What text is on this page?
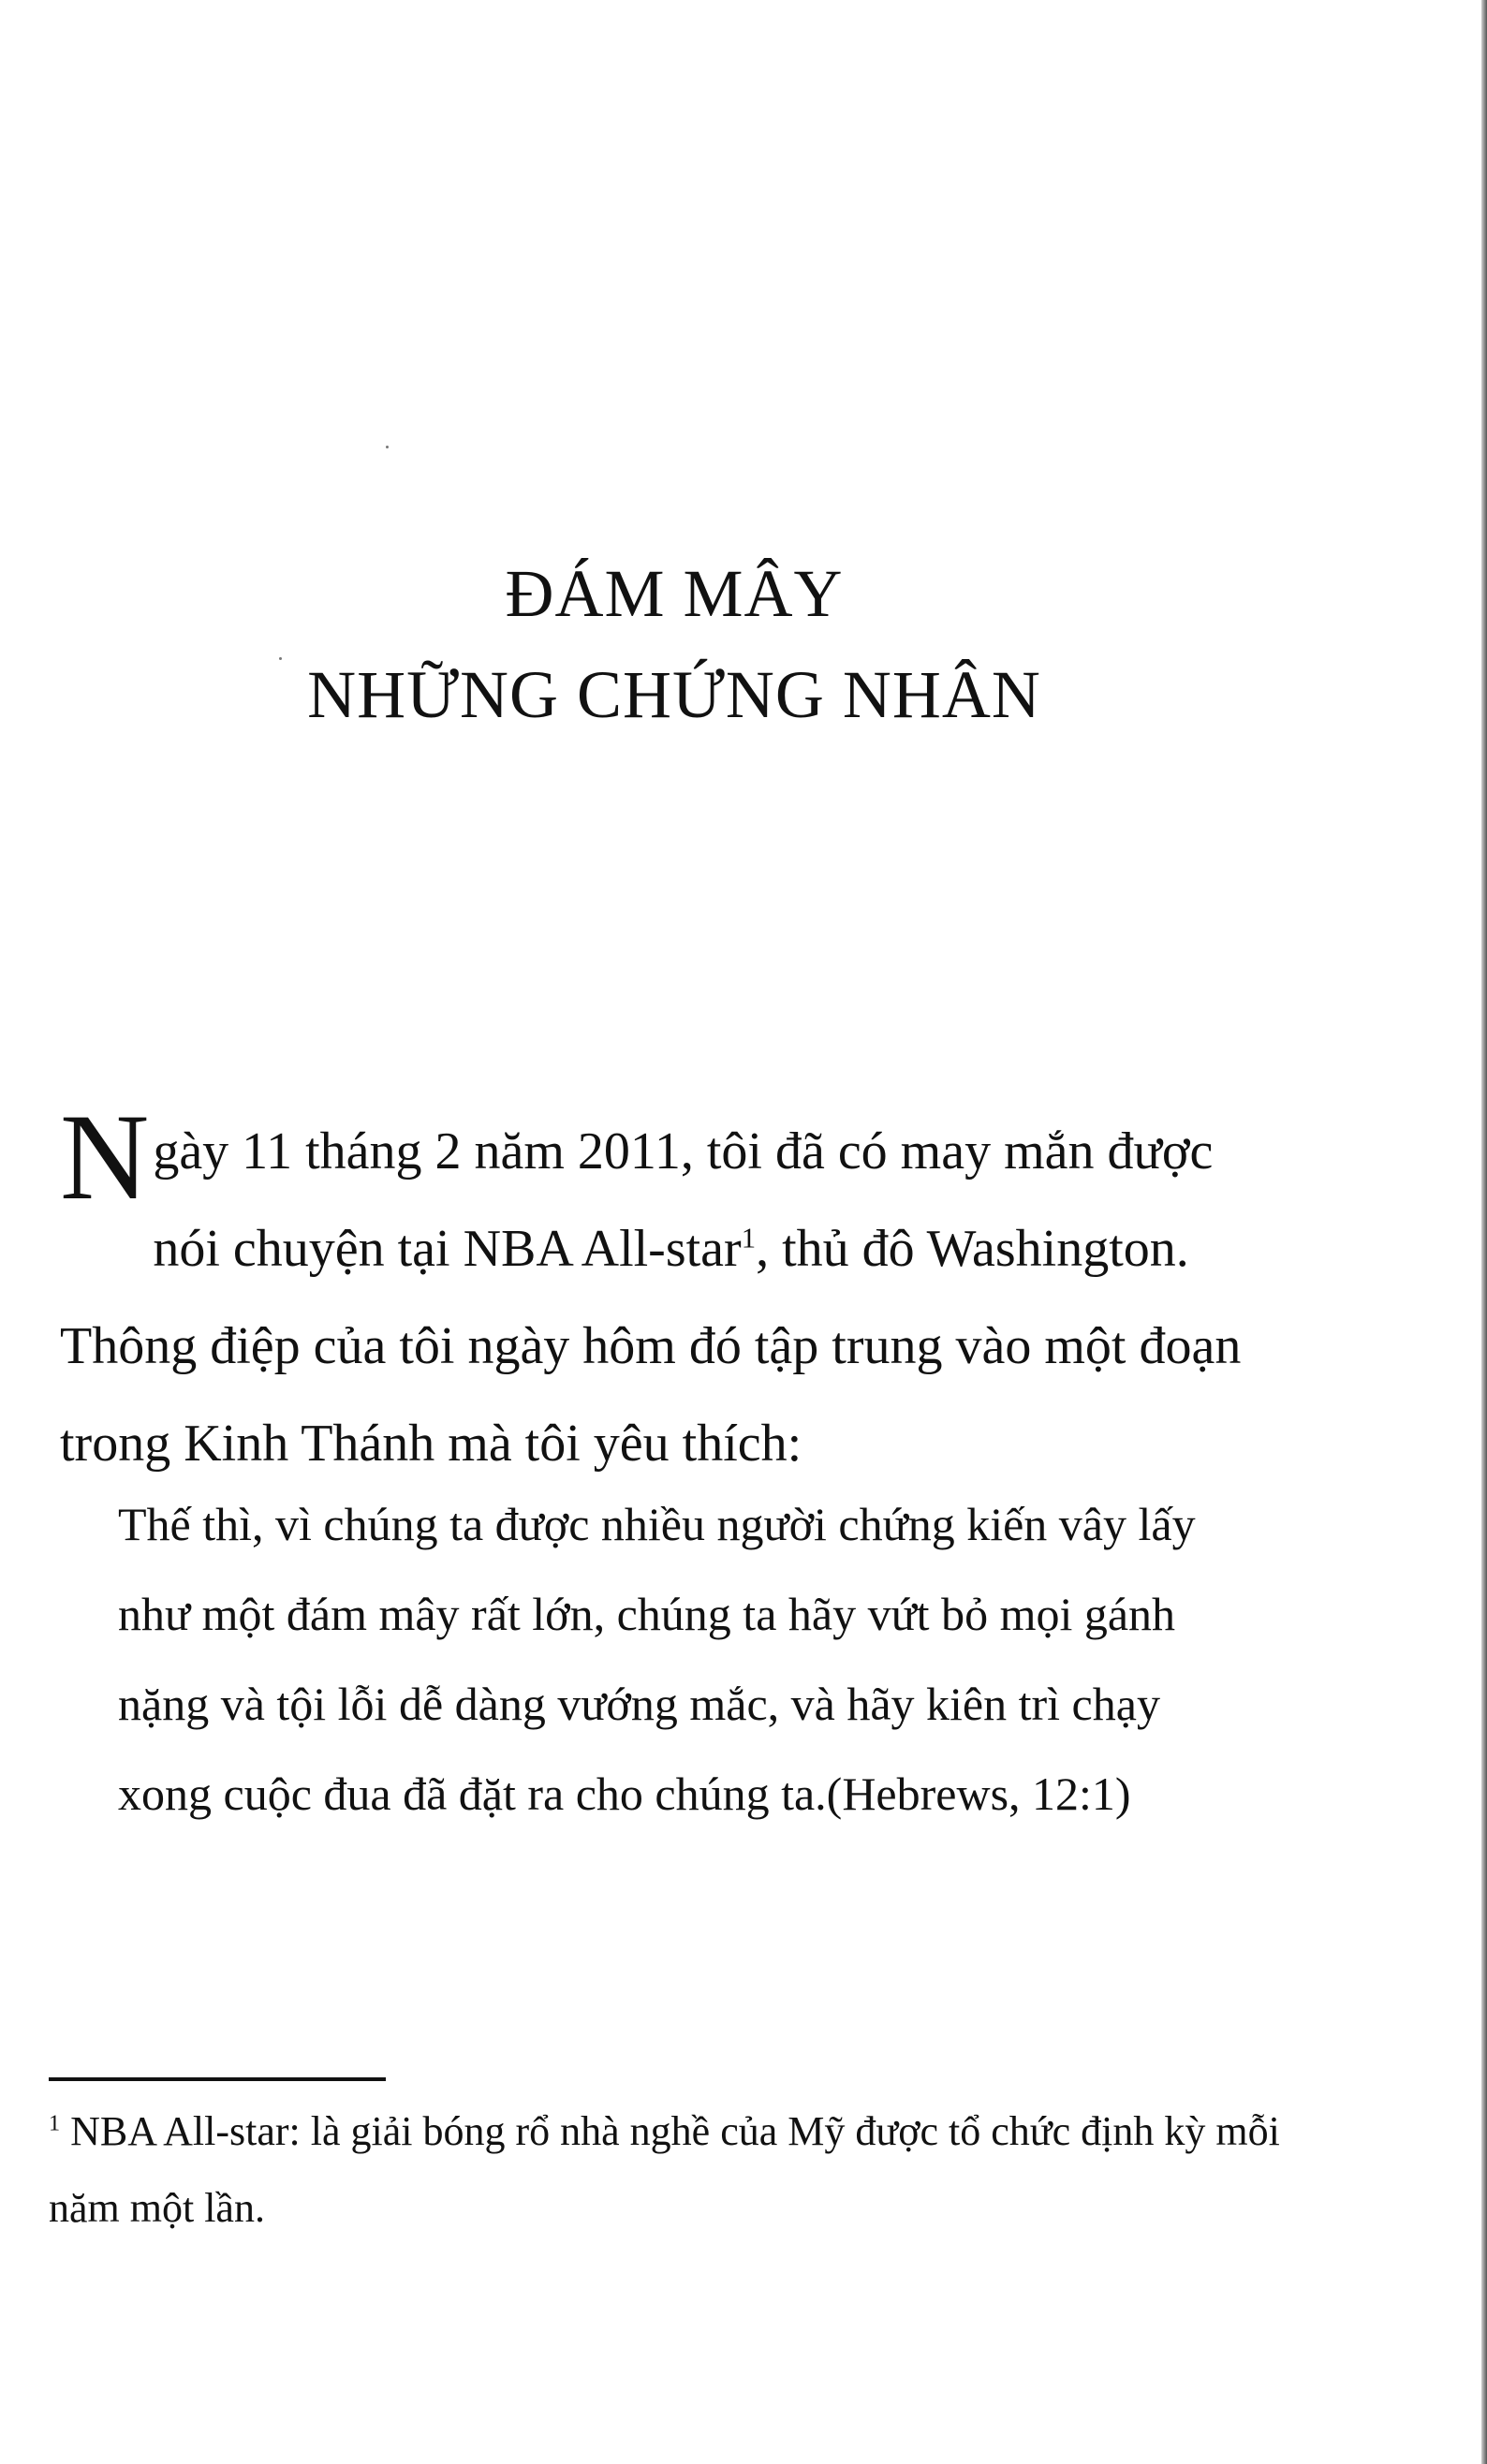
ĐÁM MÂY
NHỮNG CHỨNG NHÂN
Ngày 11 tháng 2 năm 2011, tôi đã có may mắn được nói chuyện tại NBA All-star$^1$, thủ đô Washington. Thông điệp của tôi ngày hôm đó tập trung vào một đoạn trong Kinh Thánh mà tôi yêu thích:
Thế thì, vì chúng ta được nhiều người chứng kiến vây lấy như một đám mây rất lớn, chúng ta hãy vứt bỏ mọi gánh nặng và tội lỗi dễ dàng vướng mắc, và hãy kiên trì chạy xong cuộc đua đã đặt ra cho chúng ta.(Hebrews, 12:1)
$^1$ NBA All-star: là giải bóng rổ nhà nghề của Mỹ được tổ chức định kỳ mỗi năm một lần.
